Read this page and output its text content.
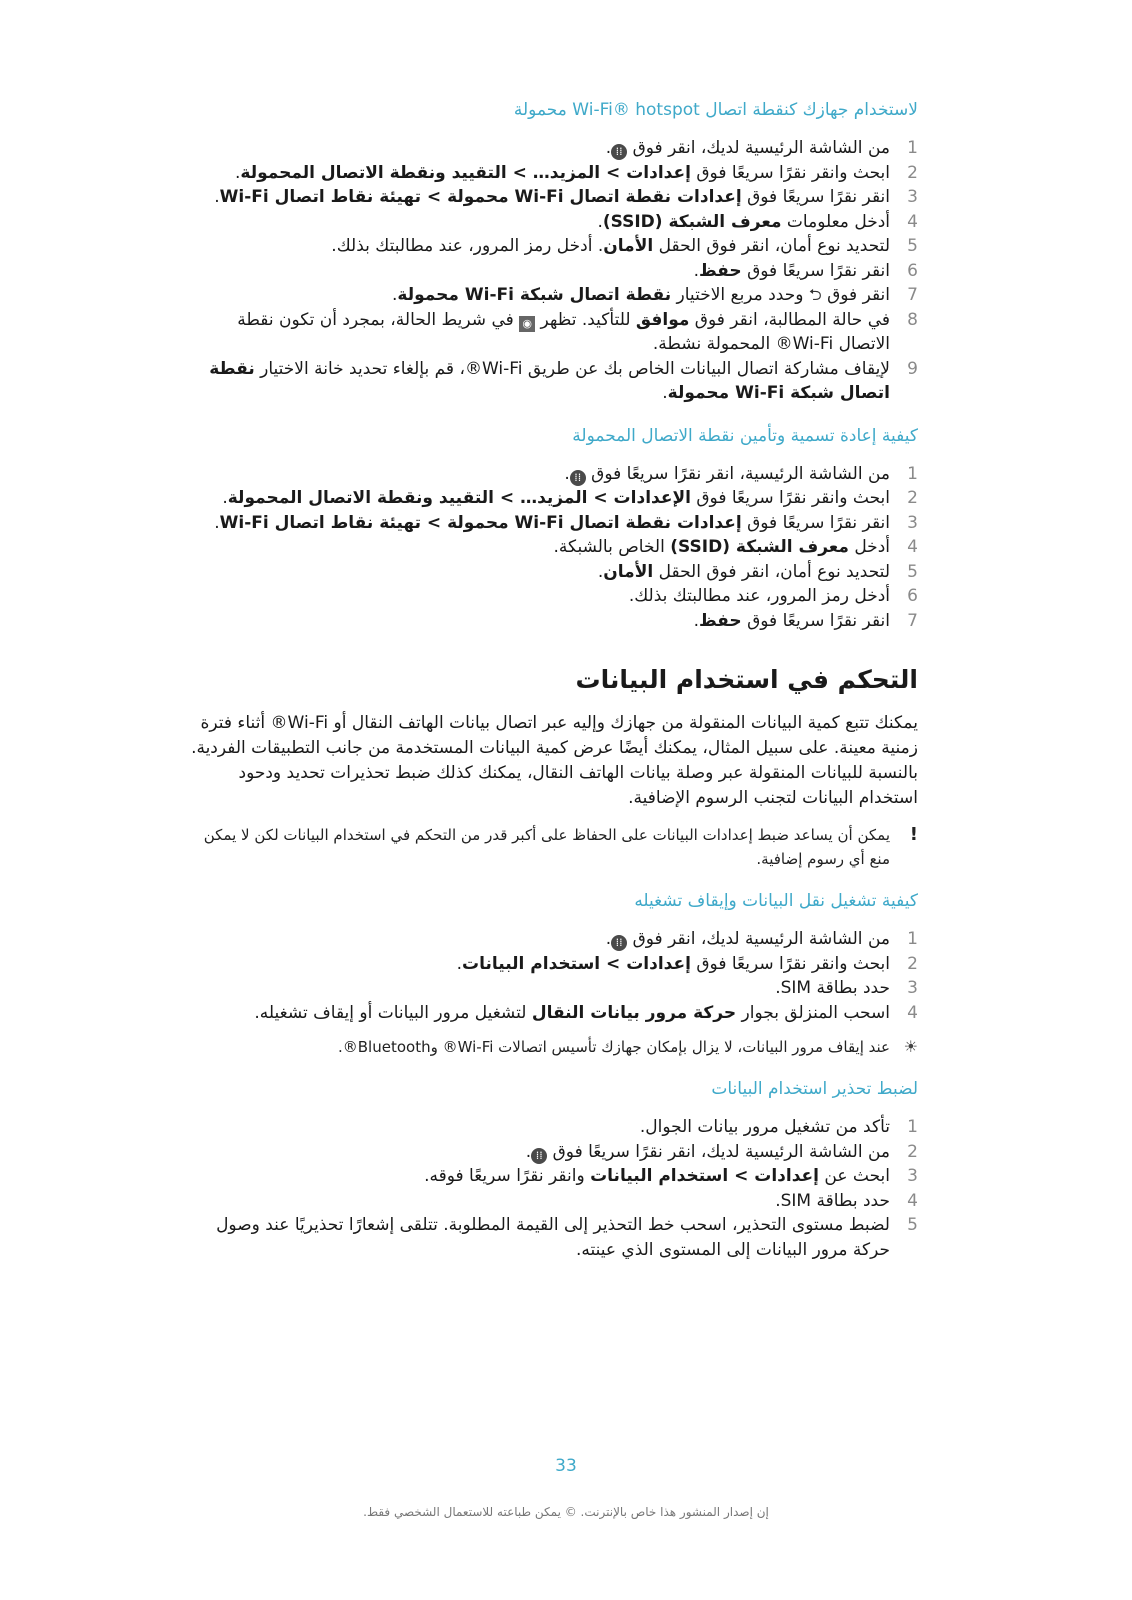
لاستخدام جهازك كنقطة اتصال Wi-Fi® hotspot محمولة
1
من الشاشة الرئيسية لديك، انقر فوق ⁞⁞.
2
ابحث وانقر نقرًا سريعًا فوق إعدادات > المزيد… > التقييد ونقطة الاتصال المحمولة.
3
انقر نقرًا سريعًا فوق إعدادات نقطة اتصال Wi-Fi محمولة > تهيئة نقاط اتصال Wi-Fi.
4
أدخل معلومات معرف الشبكة (SSID).
5
لتحديد نوع أمان، انقر فوق الحقل الأمان. أدخل رمز المرور، عند مطالبتك بذلك.
6
انقر نقرًا سريعًا فوق حفظ.
7
انقر فوق ⮌ وحدد مربع الاختيار نقطة اتصال شبكة Wi-Fi محمولة.
8
في حالة المطالبة، انقر فوق موافق للتأكيد. تظهر ◉ في شريط الحالة، بمجرد أن تكون نقطة الاتصال Wi-Fi® المحمولة نشطة.
9
لإيقاف مشاركة اتصال البيانات الخاص بك عن طريق Wi-Fi®، قم بإلغاء تحديد خانة الاختيار نقطة اتصال شبكة Wi-Fi محمولة.
كيفية إعادة تسمية وتأمين نقطة الاتصال المحمولة
1
من الشاشة الرئيسية، انقر نقرًا سريعًا فوق ⁞⁞.
2
ابحث وانقر نقرًا سريعًا فوق الإعدادات > المزيد… > التقييد ونقطة الاتصال المحمولة.
3
انقر نقرًا سريعًا فوق إعدادات نقطة اتصال Wi-Fi محمولة > تهيئة نقاط اتصال Wi-Fi.
4
أدخل معرف الشبكة (SSID) الخاص بالشبكة.
5
لتحديد نوع أمان، انقر فوق الحقل الأمان.
6
أدخل رمز المرور، عند مطالبتك بذلك.
7
انقر نقرًا سريعًا فوق حفظ.
التحكم في استخدام البيانات
يمكنك تتبع كمية البيانات المنقولة من جهازك وإليه عبر اتصال بيانات الهاتف النقال أو Wi-Fi® أثناء فترة زمنية معينة. على سبيل المثال، يمكنك أيضًا عرض كمية البيانات المستخدمة من جانب التطبيقات الفردية. بالنسبة للبيانات المنقولة عبر وصلة بيانات الهاتف النقال، يمكنك كذلك ضبط تحذيرات تحديد ودحود استخدام البيانات لتجنب الرسوم الإضافية.
!
يمكن أن يساعد ضبط إعدادات البيانات على الحفاظ على أكبر قدر من التحكم في استخدام البيانات لكن لا يمكن منع أي رسوم إضافية.
كيفية تشغيل نقل البيانات وإيقاف تشغيله
1
من الشاشة الرئيسية لديك، انقر فوق ⁞⁞.
2
ابحث وانقر نقرًا سريعًا فوق إعدادات > استخدام البيانات.
3
حدد بطاقة SIM.
4
اسحب المنزلق بجوار حركة مرور بيانات النقال لتشغيل مرور البيانات أو إيقاف تشغيله.
☀
عند إيقاف مرور البيانات، لا يزال بإمكان جهازك تأسيس اتصالات Wi-Fi® وBluetooth®.
لضبط تحذير استخدام البيانات
1
تأكد من تشغيل مرور بيانات الجوال.
2
من الشاشة الرئيسية لديك، انقر نقرًا سريعًا فوق ⁞⁞.
3
ابحث عن إعدادات > استخدام البيانات وانقر نقرًا سريعًا فوقه.
4
حدد بطاقة SIM.
5
لضبط مستوى التحذير، اسحب خط التحذير إلى القيمة المطلوبة. تتلقى إشعارًا تحذيريًا عند وصول حركة مرور البيانات إلى المستوى الذي عينته.
33
إن إصدار المنشور هذا خاص بالإنترنت. © يمكن طباعته للاستعمال الشخصي فقط.
